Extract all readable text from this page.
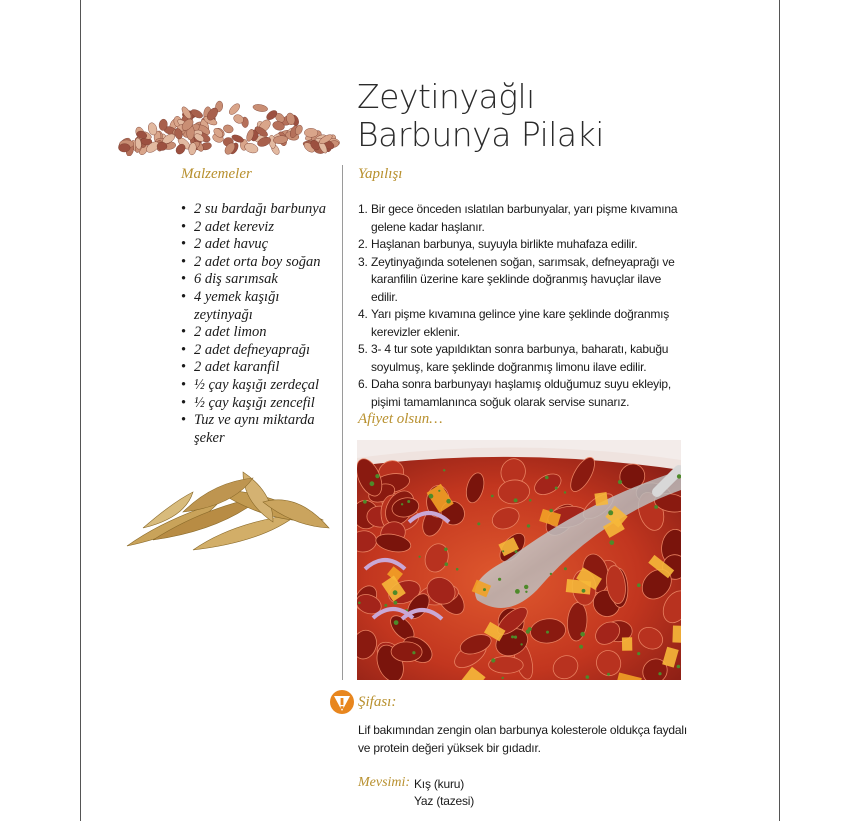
Zeytinyağlı
Barbunya Pilaki
Malzemeler	Yapılışı
• 2 su bardağı barbunya
• 2 adet kereviz
• 2 adet havuç
• 2 adet orta boy soğan
• 6 diş sarımsak
• 4 yemek kaşığı zeytinyağı
• 2 adet limon
• 2 adet defneyaprağı
• 2 adet karanfil
• ½ çay kaşığı zerdeçal
• ½ çay kaşığı zencefil
• Tuz ve aynı miktarda şeker
1. Bir gece önceden ıslatılan barbunyalar, yarı pişme kıvamına gelene kadar haşlanır.
2. Haşlanan barbunya, suyuyla birlikte muhafaza edilir.
3. Zeytinyağında sotelenen soğan, sarımsak, defneyaprağı ve karanfilin üzerine kare şeklinde doğranmış havuçlar ilave edilir.
4. Yarı pişme kıvamına gelince yine kare şeklinde doğranmış kerevizler eklenir.
5. 3- 4 tur sote yapıldıktan sonra barbunya, baharatı, kabuğu soyulmuş, kare şeklinde doğranmış limonu ilave edilir.
6. Daha sonra barbunyayı haşlamış olduğumuz suyu ekleyip, pişimi tamamlanınca soğuk olarak servise sunarız.
Afiyet olsun…
Şifası:
Lif bakımından zengin olan barbunya kolesterole oldukça faydalı ve protein değeri yüksek bir gıdadır.
Mevsimi: Kış (kuru)
Yaz (tazesi)
